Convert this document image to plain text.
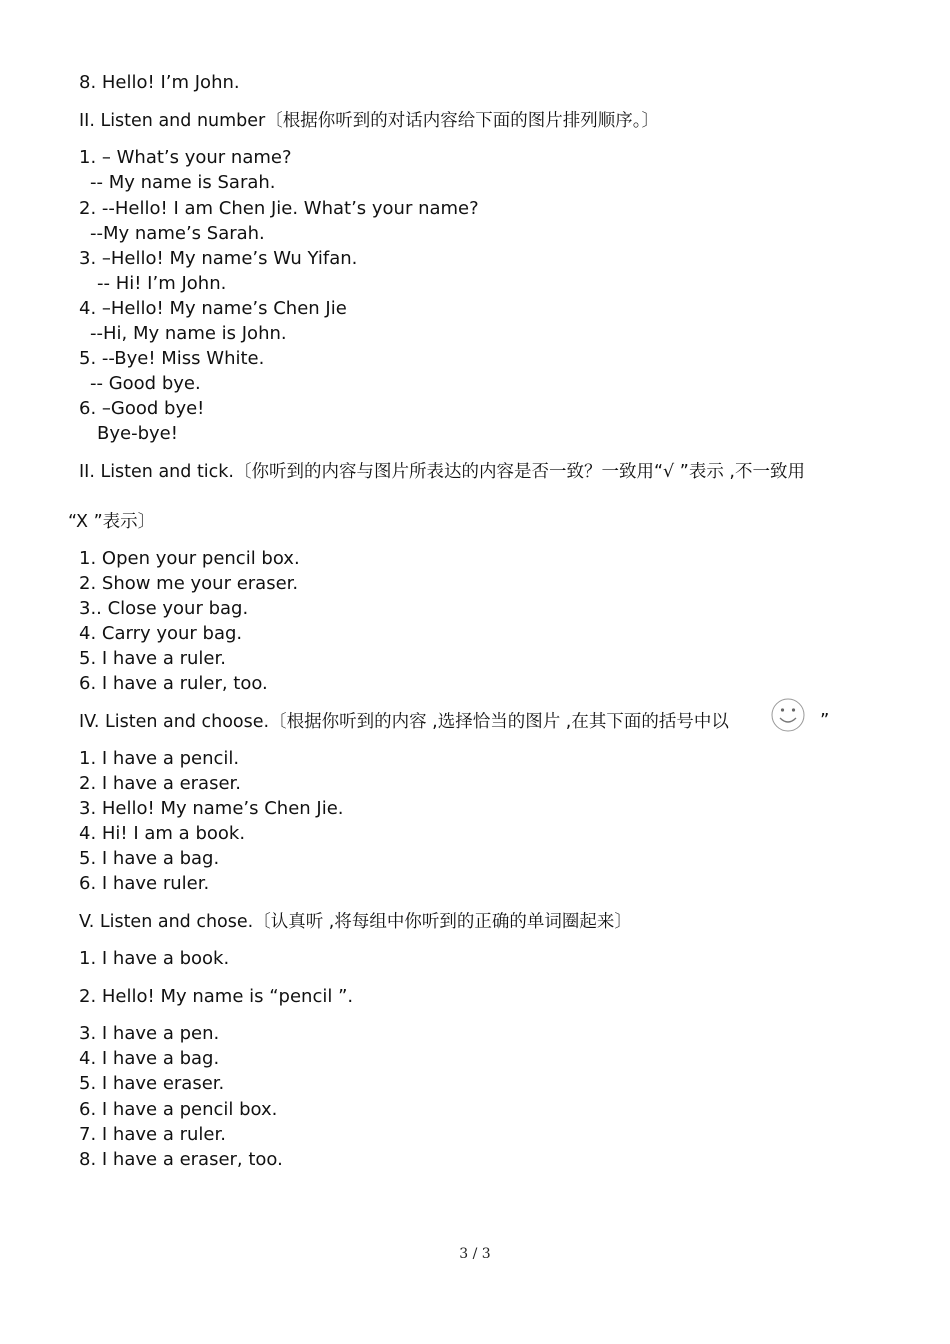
8. Hello! I’m John.
II. Listen and number〔根据你听到的对话内容给下面的图片排列顺序。〕
1. – What’s your name?
-- My name is Sarah.
2. --Hello! I am Chen Jie. What’s your name?
--My name’s Sarah.
3. –Hello! My name’s Wu Yifan.
-- Hi! I’m John.
4. –Hello! My name’s Chen Jie
--Hi, My name is John.
5. --Bye! Miss White.
-- Good bye.
6. –Good bye!
Bye-bye!
II. Listen and tick.〔你听到的内容与图片所表达的内容是否一致？一致用“√ ”表示 ,不一致用
“X ”表示〕
1. Open your pencil box.
2. Show me your eraser.
3.. Close your bag.
4. Carry your bag.
5. I have a ruler.
6. I have a ruler, too.
IV. Listen and choose.〔根据你听到的内容 ,选择恰当的图片 ,在其下面的括号中以	”
1. I have a pencil.
2. I have a eraser.
3. Hello! My name’s Chen Jie.
4. Hi! I am a book.
5. I have a bag.
6. I have ruler.
V. Listen and chose.〔认真听 ,将每组中你听到的正确的单词圈起来〕
1. I have a book.
2. Hello! My name is “pencil ”.
3. I have a pen.
4. I have a bag.
5. I have eraser.
6. I have a pencil box.
7. I have a ruler.
8. I have a eraser, too.
3 / 3
